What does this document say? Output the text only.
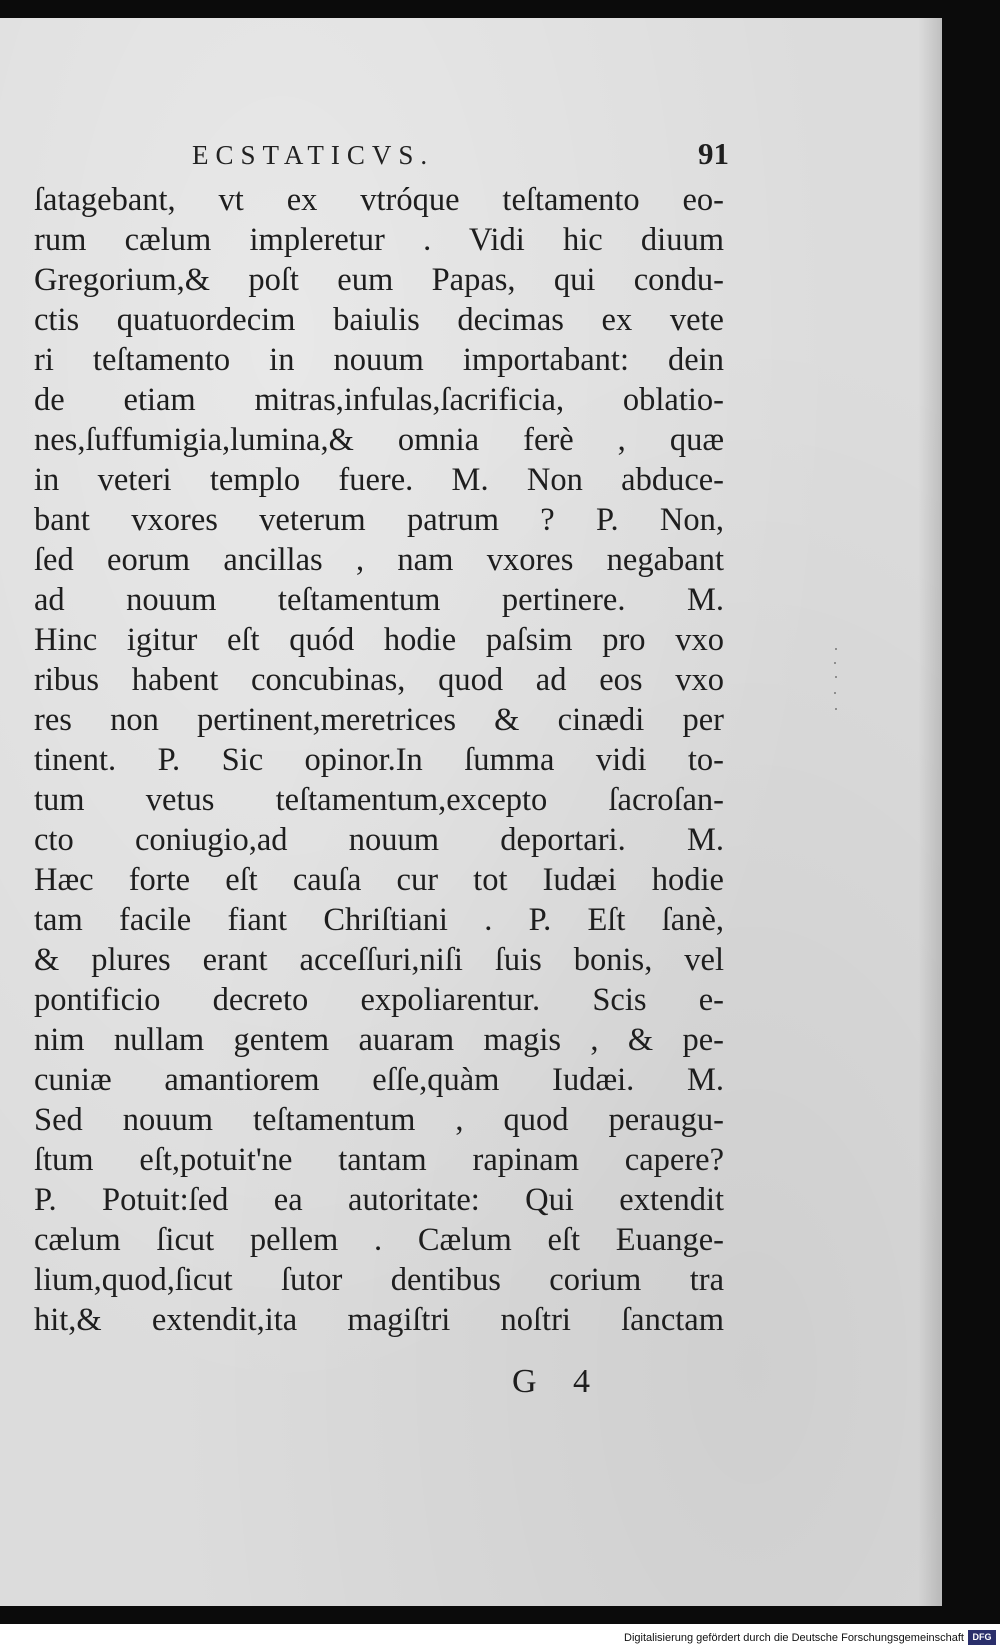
ECSTATICVS.	91
ſatagebant, vt ex vtróque teſtamento eo-
rum cælum impleretur . Vidi hic diuum
Gregorium,& poſt eum Papas, qui condu-
ctis quatuordecim baiulis decimas ex vete
ri teſtamento in nouum importabant: dein
de etiam mitras,infulas,ſacrificia, oblatio-
nes,ſuffumigia,lumina,& omnia ferè , quæ
in veteri templo fuere. M. Non abduce-
bant vxores veterum patrum ? P. Non,
ſed eorum ancillas , nam vxores negabant
ad nouum teſtamentum pertinere. M.
Hinc igitur eſt quód hodie paſsim pro vxo
ribus habent concubinas, quod ad eos vxo
res non pertinent,meretrices & cinædi per
tinent. P. Sic opinor.In ſumma vidi to-
tum vetus teſtamentum,excepto ſacroſan-
cto coniugio,ad nouum deportari. M.
Hæc forte eſt cauſa cur tot Iudæi hodie
tam facile fiant Chriſtiani . P. Eſt ſanè,
& plures erant acceſſuri,niſi ſuis bonis, vel
pontificio decreto expoliarentur. Scis e-
nim nullam gentem auaram magis , & pe-
cuniæ amantiorem eſſe,quàm Iudæi. M.
Sed nouum teſtamentum , quod peraugu-
ſtum eſt,potuit'ne tantam rapinam capere?
P. Potuit:ſed ea autoritate: Qui extendit
cælum ſicut pellem . Cælum eſt Euange-
lium,quod,ſicut ſutor dentibus corium tra
hit,& extendit,ita magiſtri noſtri ſanctam
G 4
Digitalisierung gefördert durch die Deutsche Forschungsgemeinschaft DFG
